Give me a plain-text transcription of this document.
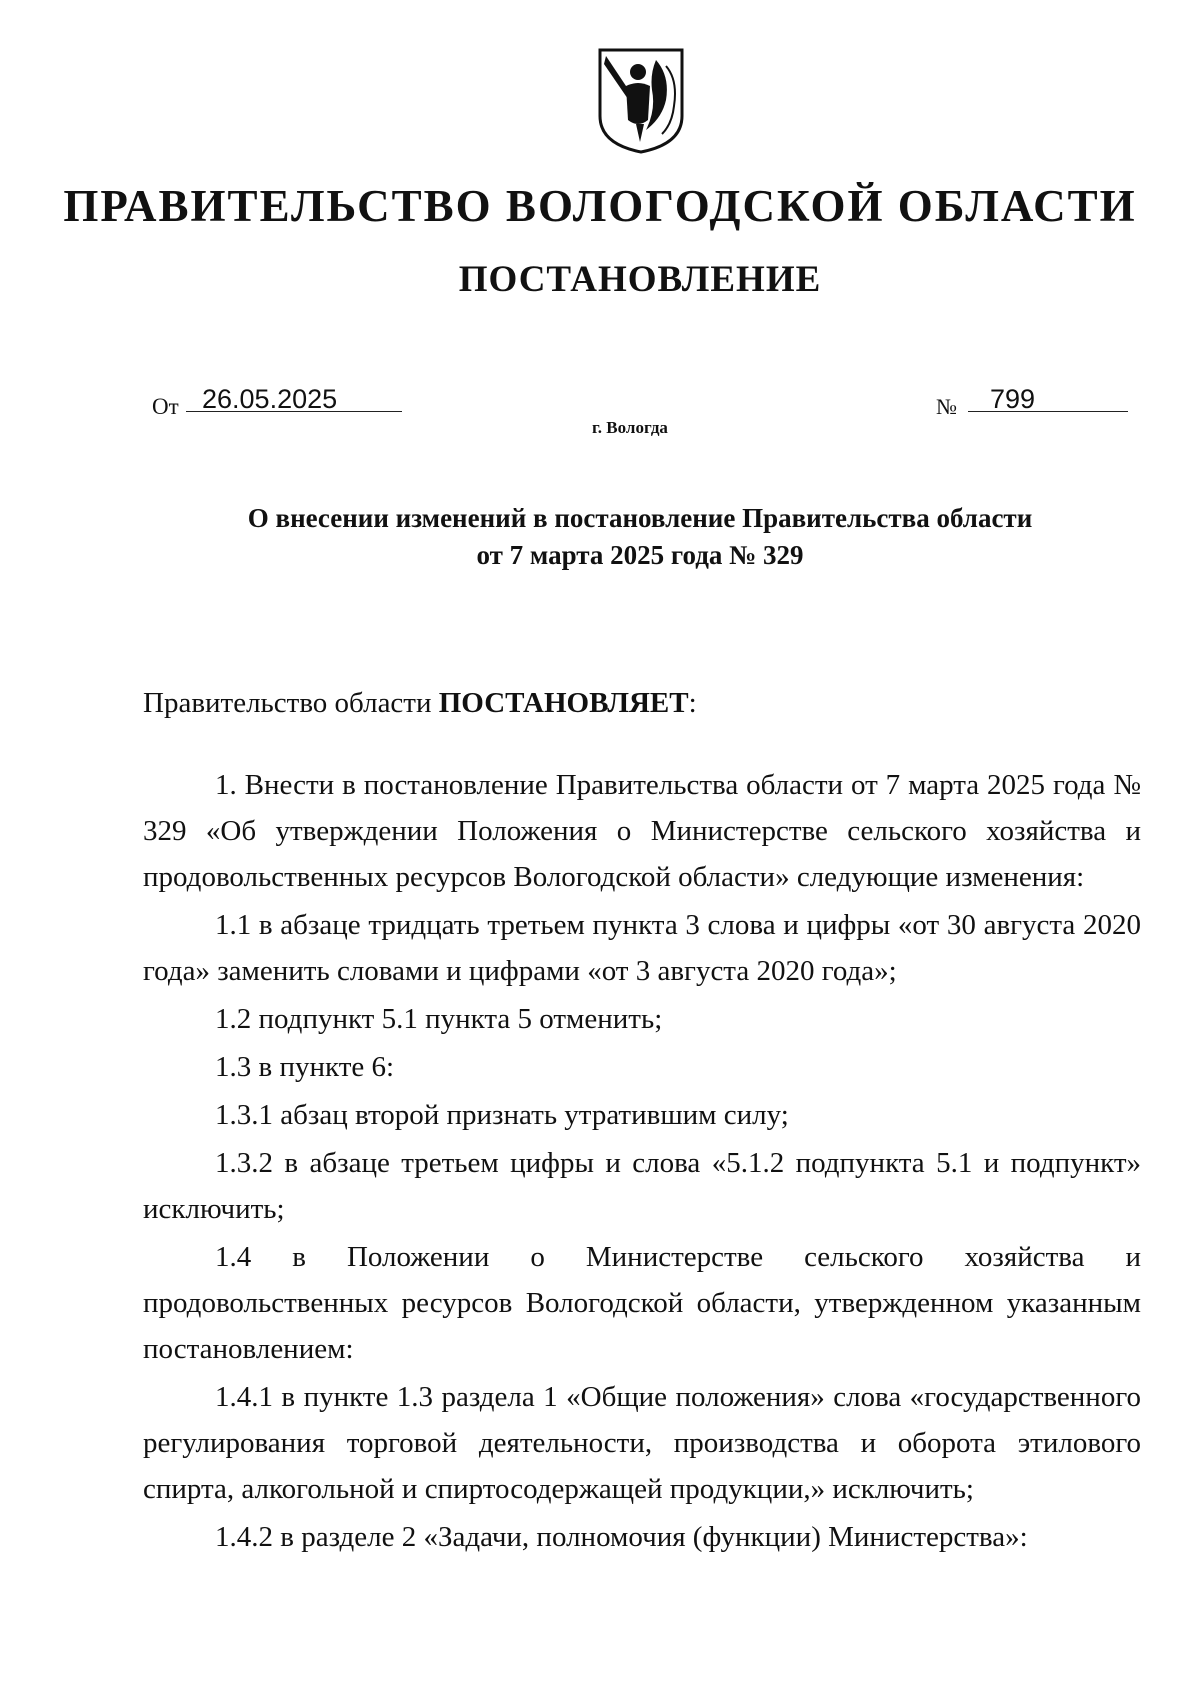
ПРАВИТЕЛЬСТВО ВОЛОГОДСКОЙ ОБЛАСТИ
ПОСТАНОВЛЕНИЕ
От 26.05.2025	№ 799
г. Вологда
О внесении изменений в постановление Правительства области
от 7 марта 2025 года № 329

Правительство области ПОСТАНОВЛЯЕТ:

1. Внести в постановление Правительства области от 7 марта 2025 года № 329 «Об утверждении Положения о Министерстве сельского хозяйства и продовольственных ресурсов Вологодской области» следующие изменения:

1.1 в абзаце тридцать третьем пункта 3 слова и цифры «от 30 августа 2020 года» заменить словами и цифрами «от 3 августа 2020 года»;

1.2 подпункт 5.1 пункта 5 отменить;

1.3 в пункте 6:

1.3.1 абзац второй признать утратившим силу;

1.3.2 в абзаце третьем цифры и слова «5.1.2 подпункта 5.1 и подпункт» исключить;

1.4 в Положении о Министерстве сельского хозяйства и продовольственных ресурсов Вологодской области, утвержденном указанным постановлением:

1.4.1 в пункте 1.3 раздела 1 «Общие положения» слова «государственного регулирования торговой деятельности, производства и оборота этилового спирта, алкогольной и спиртосодержащей продукции,» исключить;

1.4.2 в разделе 2 «Задачи, полномочия (функции) Министерства»:
